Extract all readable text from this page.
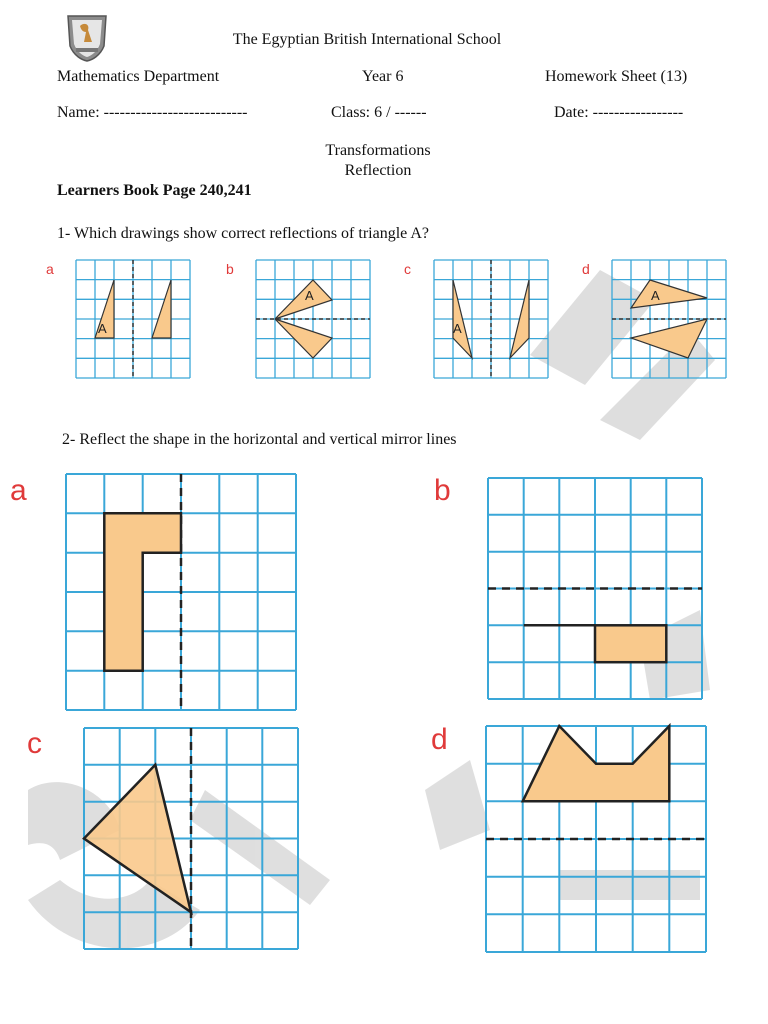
The Egyptian British International School
Mathematics Department	Year 6	Homework Sheet (13)
Name: ---------------------------	Class: 6 / ------	Date: -----------------
Transformations
Reflection
Learners Book Page 240,241
1- Which drawings show correct reflections of triangle A?
a
A
b
A
c
A
d
A
2- Reflect the shape in the horizontal and vertical mirror lines
a	b
c	d
